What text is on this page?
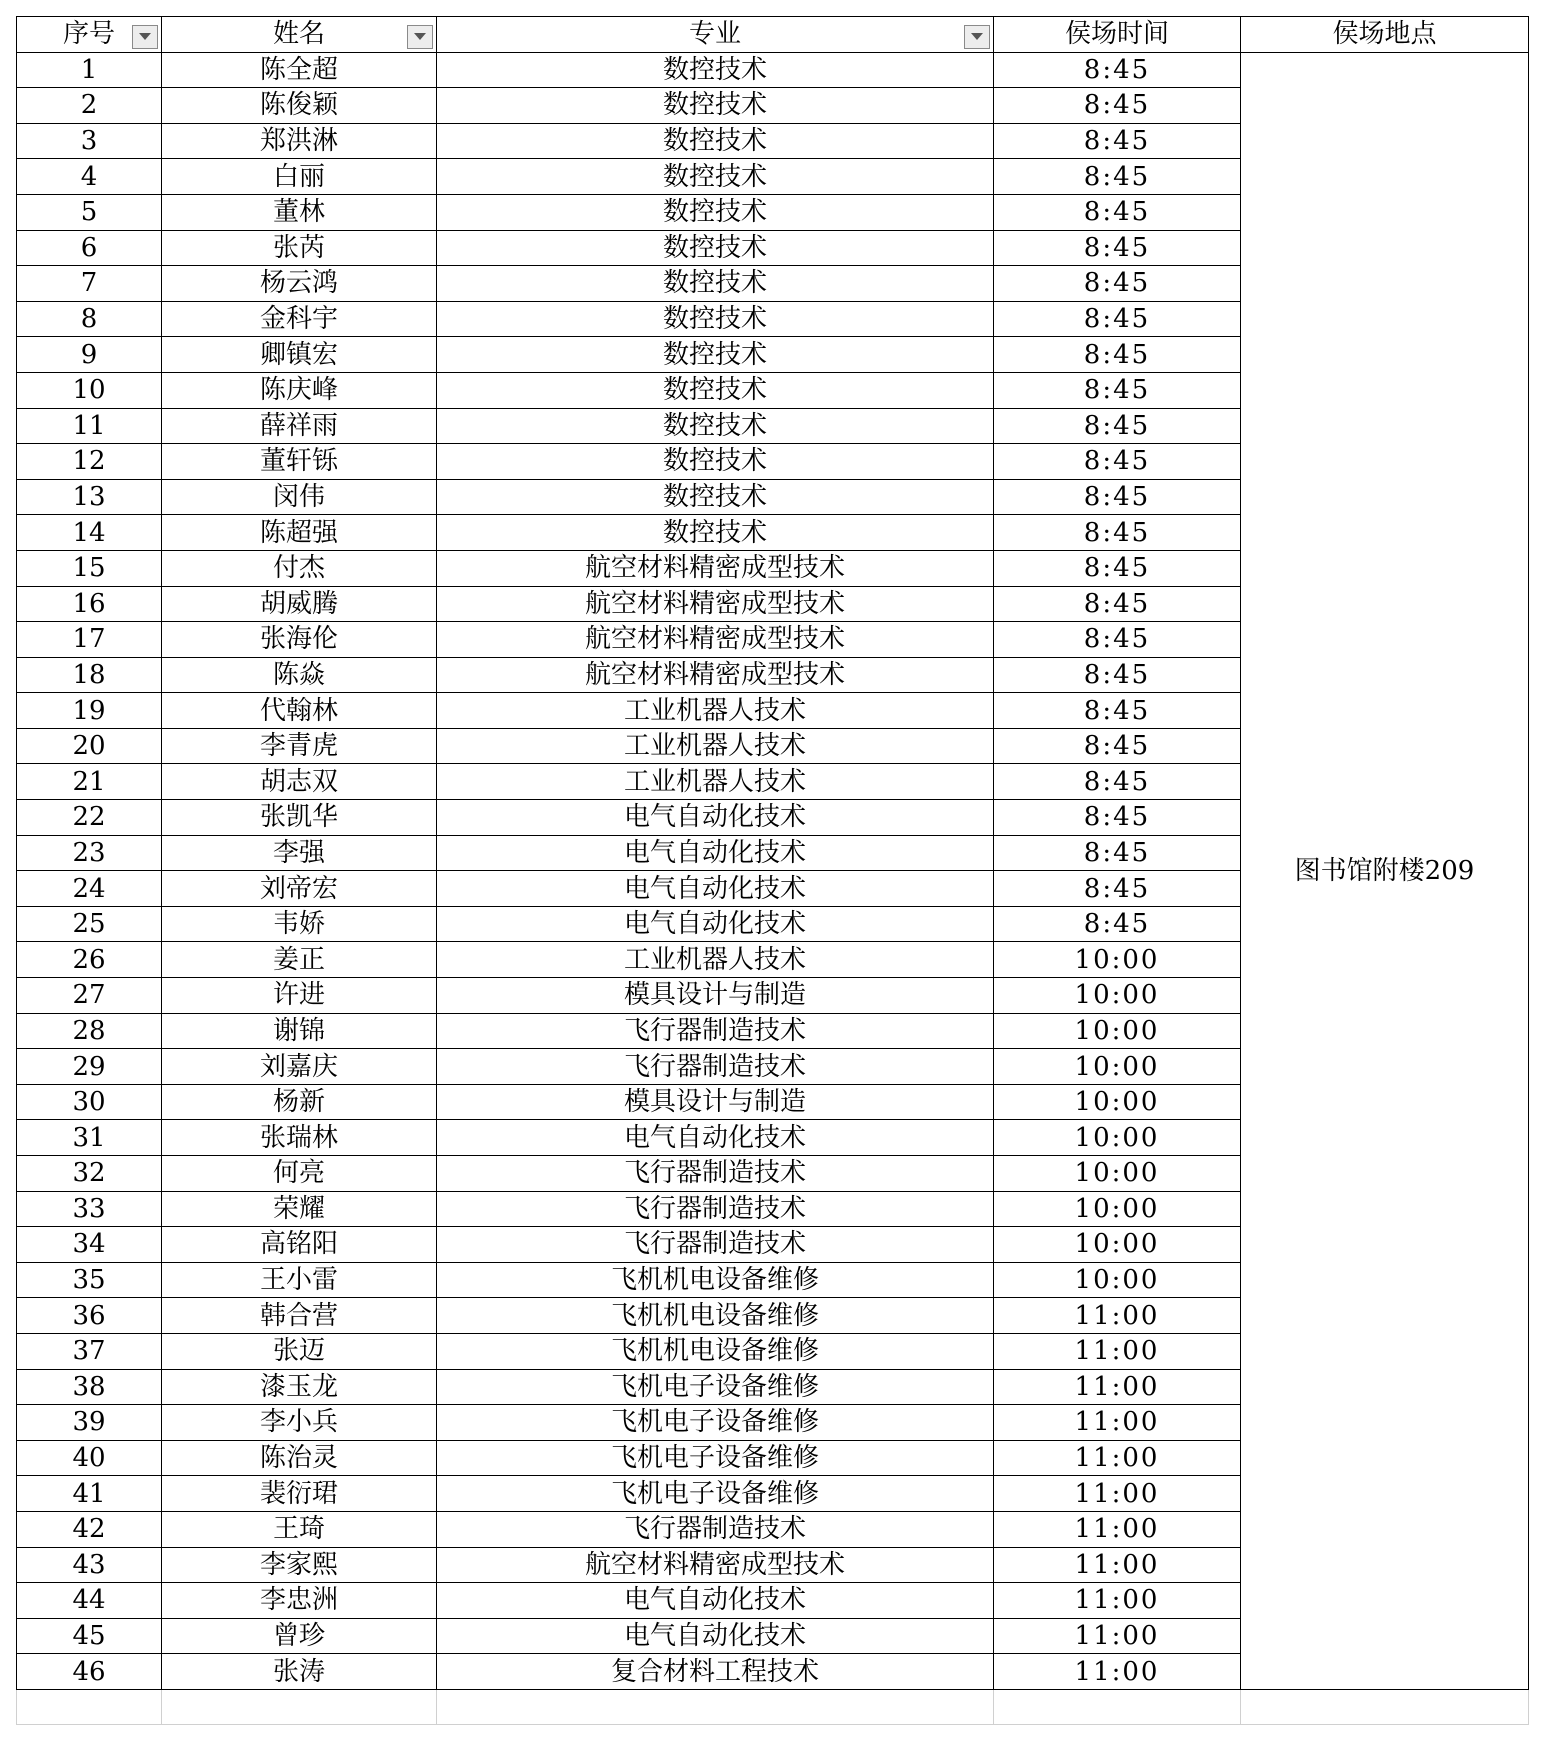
序号	姓名	专业	侯场时间	侯场地点
1	陈全超	数控技术	8:45	图书馆附楼209
2	陈俊颖	数控技术	8:45	
3	郑洪淋	数控技术	8:45	
4	白丽	数控技术	8:45	
5	董林	数控技术	8:45	
6	张芮	数控技术	8:45	
7	杨云鸿	数控技术	8:45	
8	金科宇	数控技术	8:45	
9	卿镇宏	数控技术	8:45	
10	陈庆峰	数控技术	8:45	
11	薛祥雨	数控技术	8:45	
12	董轩铄	数控技术	8:45	
13	闵伟	数控技术	8:45	
14	陈超强	数控技术	8:45	
15	付杰	航空材料精密成型技术	8:45	
16	胡威腾	航空材料精密成型技术	8:45	
17	张海伦	航空材料精密成型技术	8:45	
18	陈焱	航空材料精密成型技术	8:45	
19	代翰林	工业机器人技术	8:45	
20	李青虎	工业机器人技术	8:45	
21	胡志双	工业机器人技术	8:45	
22	张凯华	电气自动化技术	8:45	
23	李强	电气自动化技术	8:45	
24	刘帝宏	电气自动化技术	8:45	
25	韦娇	电气自动化技术	8:45	
26	姜正	工业机器人技术	10:00	
27	许进	模具设计与制造	10:00	
28	谢锦	飞行器制造技术	10:00	
29	刘嘉庆	飞行器制造技术	10:00	
30	杨新	模具设计与制造	10:00	
31	张瑞林	电气自动化技术	10:00	
32	何亮	飞行器制造技术	10:00	
33	荣耀	飞行器制造技术	10:00	
34	高铭阳	飞行器制造技术	10:00	
35	王小雷	飞机机电设备维修	10:00	
36	韩合营	飞机机电设备维修	11:00	
37	张迈	飞机机电设备维修	11:00	
38	漆玉龙	飞机电子设备维修	11:00	
39	李小兵	飞机电子设备维修	11:00	
40	陈治灵	飞机电子设备维修	11:00	
41	裴衍珺	飞机电子设备维修	11:00	
42	王琦	飞行器制造技术	11:00	
43	李家熙	航空材料精密成型技术	11:00	
44	李忠洲	电气自动化技术	11:00	
45	曾珍	电气自动化技术	11:00	
46	张涛	复合材料工程技术	11:00	
